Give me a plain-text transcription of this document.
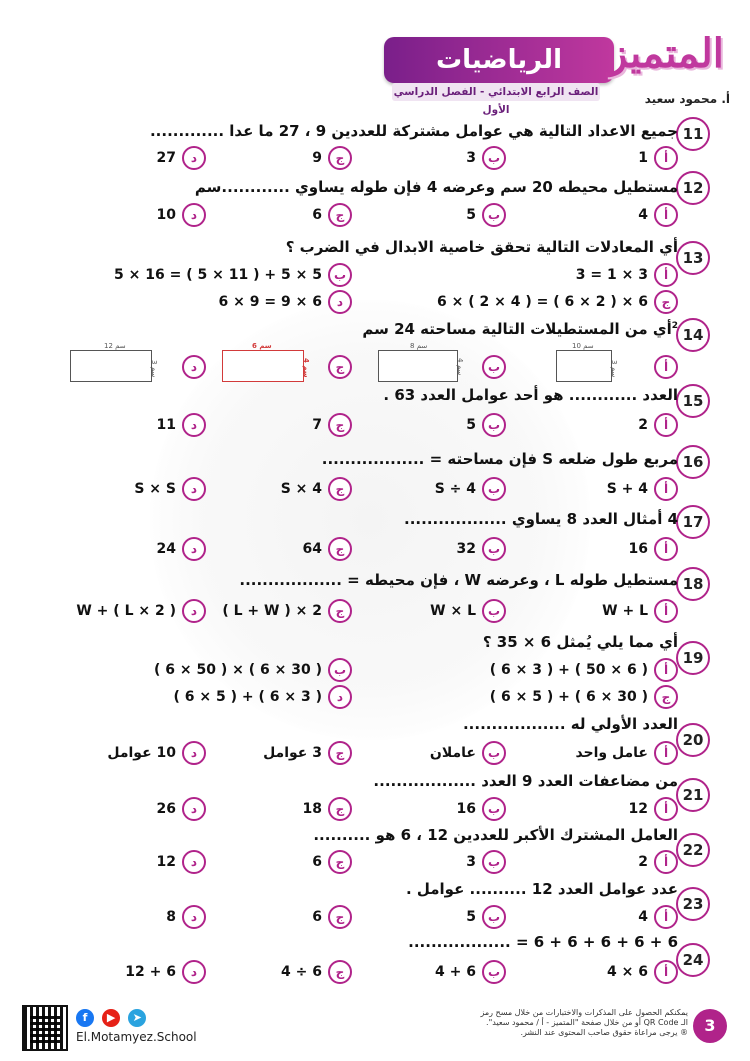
الرياضيات
الصف الرابع الابتدائي - الفصل الدراسي الأول
المتميز
أ. محمود سعيد
11
جميع الاعداد التالية هي عوامل مشتركة للعددين 9 ، 27 ما عدا .............
أ1
ب3
ج9
د27
12
مستطيل محيطه 20 سم وعرضه 4 فإن طوله يساوي ............سم
أ4
ب5
ج6
د10
13
أي المعادلات التالية تحقق خاصية الابدال في الضرب ؟
أ3 × 1 = 3
ب5 × 5 + ( 11 × 5 ) = 16 × 5
ج6 × ( 2 × 6 ) = ( 4 × 2 ) × 6
د6 × 9 = 9 × 6
14
$^2$أي من المستطيلات التالية مساحته 24 سم
أ
10 سم
3 سم
ب
8 سم
4 سم
ج
6 سم
4 سم
د
12 سم
3 سم
15
العدد ............ هو أحد عوامل العدد 63 .
أ2
ب5
ج7
د11
16
مربع طول ضلعه S فإن مساحته = ..................
أS + 4
بS ÷ 4
جS × 4
دS × S
17
4 أمثال العدد 8 يساوي ..................
أ16
ب32
ج64
د24
18
مستطيل طوله L ، وعرضه W ، فإن محيطه = ..................
أW + L
بW × L
ج2 × ( L + W )
د( 2 × L ) + W
19
أي مما يلي يُمثل 6 × 35 ؟
أ( 6 × 50 ) + ( 3 × 6 )
ب( 30 × 6 ) × ( 50 × 6 )
ج( 30 × 6 ) + ( 5 × 6 )
د( 3 × 6 ) + ( 5 × 6 )
20
العدد الأولي له ..................
أعامل واحد
بعاملان
ج3 عوامل
د10 عوامل
21
من مضاعفات العدد 9 العدد ..................
أ12
ب16
ج18
د26
22
العامل المشترك الأكبر للعددين 12 ، 6 هو ..........
أ2
ب3
ج6
د12
23
عدد عوامل العدد 12 .......... عوامل .
أ4
ب5
ج6
د8
24
6 + 6 + 6 + 6 + 6 = ..................
أ6 × 4
ب6 + 4
ج6 ÷ 4
د6 + 12
3
يمكنكم الحصول على المذكرات والاختبارات من خلال مسح رمز
الـ QR Code أو من خلال صفحة "المتميز - أ / محمود سعيد".
® يرجى مراعاة حقوق صاحب المحتوى عند النشر.
f ▶ ➤
El.Motamyez.School
